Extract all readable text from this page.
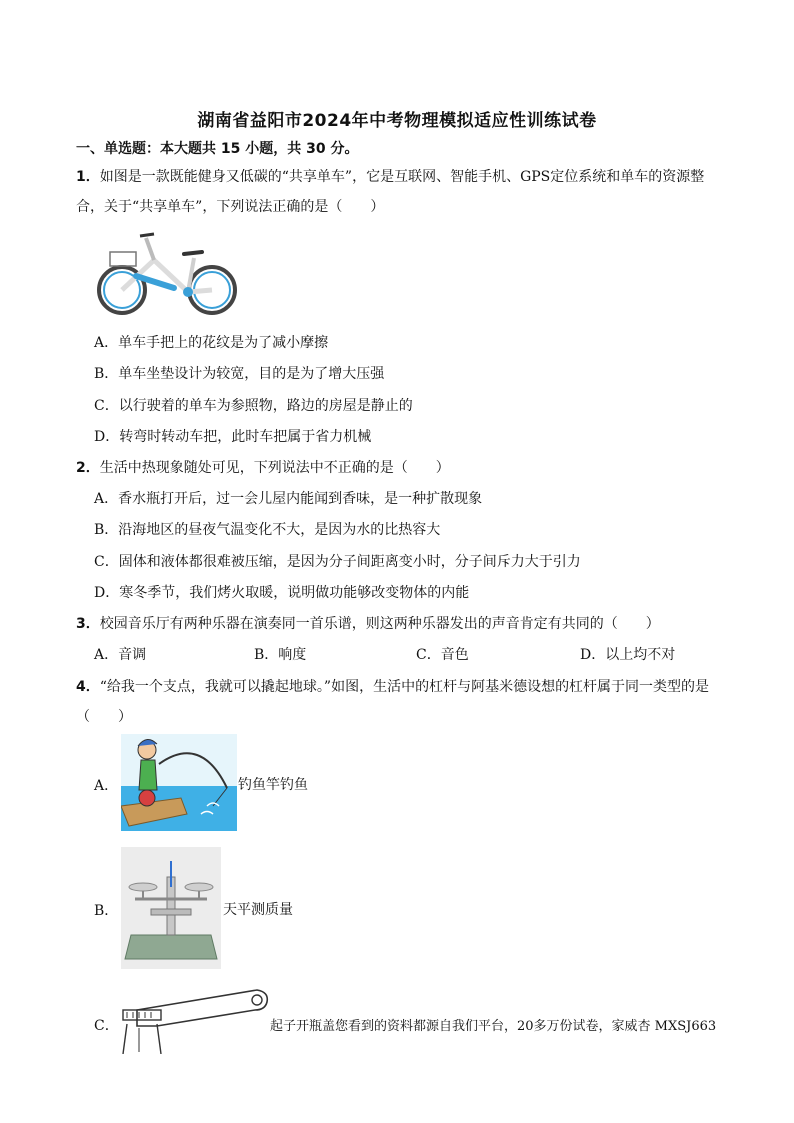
湖南省益阳市2024年中考物理模拟适应性训练试卷
一、单选题：本大题共 15 小题，共 30 分。
1．如图是一款既能健身又低碳的“共享单车”，它是互联网、智能手机、GPS定位系统和单车的资源整
合，关于“共享单车”，下列说法正确的是（　　）
A．单车手把上的花纹是为了减小摩擦
B．单车坐垫设计为较宽，目的是为了增大压强
C．以行驶着的单车为参照物，路边的房屋是静止的
D．转弯时转动车把，此时车把属于省力机械
2．生活中热现象随处可见，下列说法中不正确的是（　　）
A．香水瓶打开后，过一会儿屋内能闻到香味，是一种扩散现象
B．沿海地区的昼夜气温变化不大，是因为水的比热容大
C．固体和液体都很难被压缩，是因为分子间距离变小时，分子间斥力大于引力
D．寒冬季节，我们烤火取暖，说明做功能够改变物体的内能
3．校园音乐厅有两种乐器在演奏同一首乐谱，则这两种乐器发出的声音肯定有共同的（　　）
A．音调	B．响度	C．音色	D．以上均不对
4．“给我一个支点，我就可以撬起地球。”如图，生活中的杠杆与阿基米德设想的杠杆属于同一类型的是
（　　）
A．	钓鱼竿钓鱼
B．	天平测质量
C．	起子开瓶盖您看到的资料都源自我们平台，20多万份试卷，家威杏 MXSJ663
